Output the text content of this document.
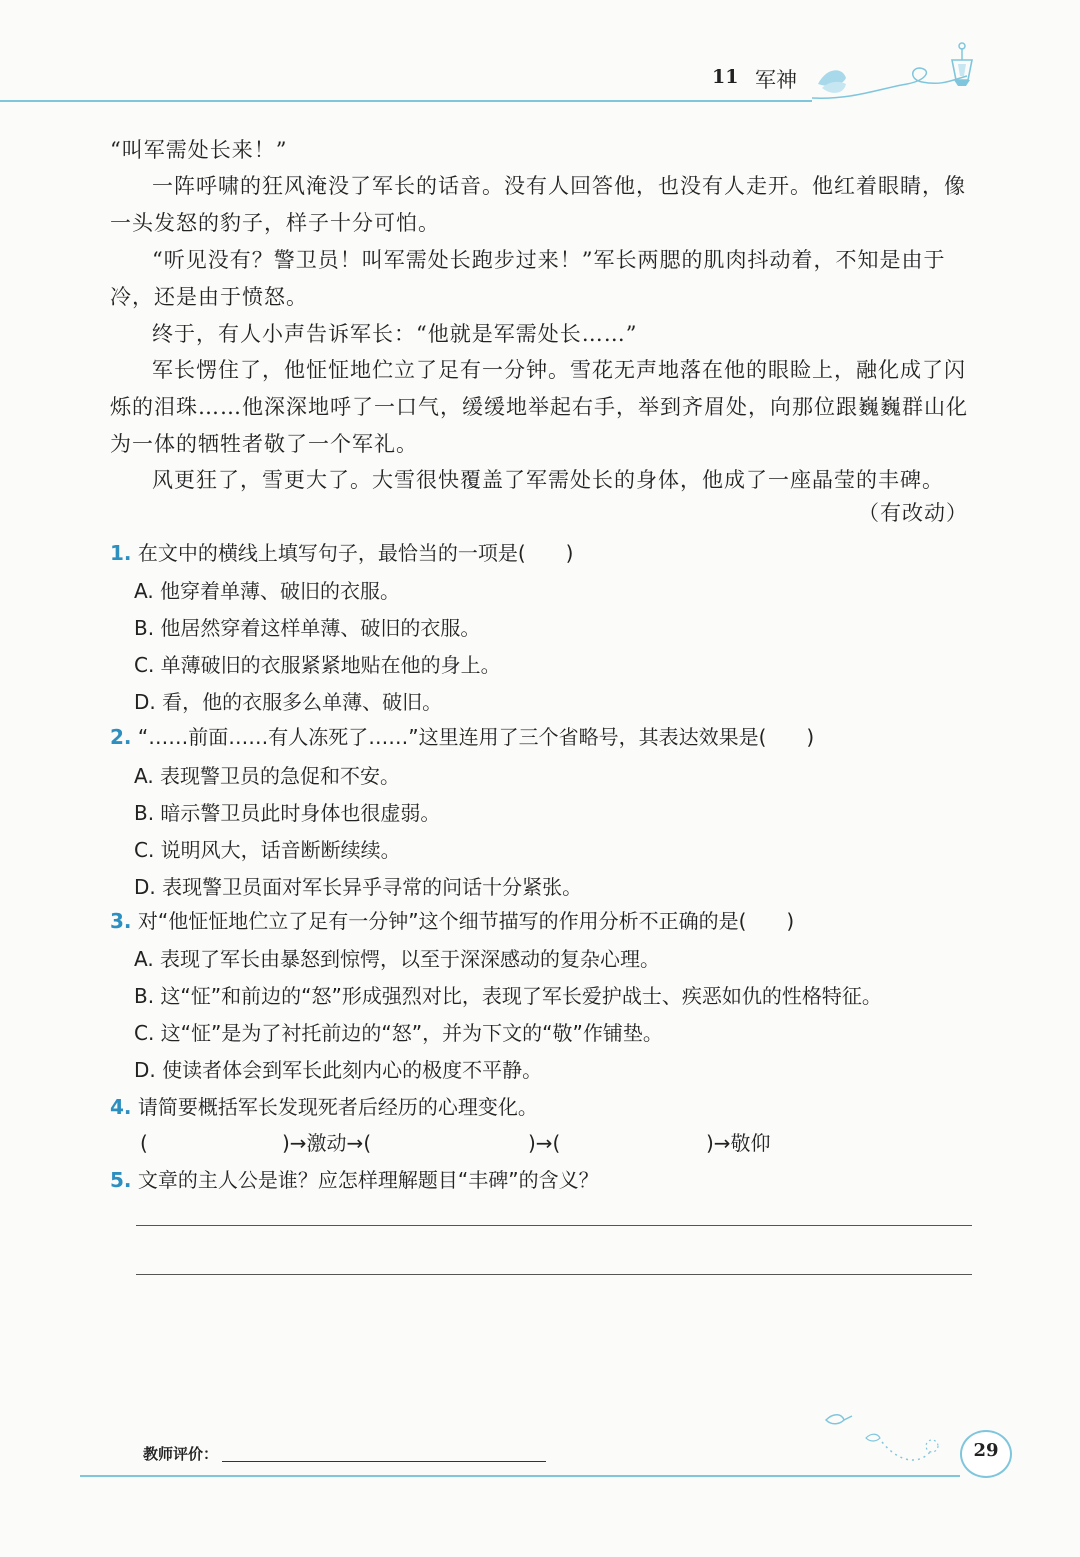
11 军神

“叫军需处长来！”

一阵呼啸的狂风淹没了军长的话音。没有人回答他，也没有人走开。他红着眼睛，像一头发怒的豹子，样子十分可怕。

“听见没有？警卫员！叫军需处长跑步过来！”军长两腮的肌肉抖动着，不知是由于冷，还是由于愤怒。

终于，有人小声告诉军长：“他就是军需处长……”

军长愣住了，他怔怔地伫立了足有一分钟。雪花无声地落在他的眼睑上，融化成了闪烁的泪珠……他深深地呼了一口气，缓缓地举起右手，举到齐眉处，向那位跟巍巍群山化为一体的牺牲者敬了一个军礼。

风更狂了，雪更大了。大雪很快覆盖了军需处长的身体，他成了一座晶莹的丰碑。

（有改动）
1. 在文中的横线上填写句子，最恰当的一项是(　　)
A. 他穿着单薄、破旧的衣服。
B. 他居然穿着这样单薄、破旧的衣服。
C. 单薄破旧的衣服紧紧地贴在他的身上。
D. 看，他的衣服多么单薄、破旧。
2. “……前面……有人冻死了……”这里连用了三个省略号，其表达效果是(　　)
A. 表现警卫员的急促和不安。
B. 暗示警卫员此时身体也很虚弱。
C. 说明风大，话音断断续续。
D. 表现警卫员面对军长异乎寻常的问话十分紧张。
3. 对“他怔怔地伫立了足有一分钟”这个细节描写的作用分析不正确的是(　　)
A. 表现了军长由暴怒到惊愕，以至于深深感动的复杂心理。
B. 这“怔”和前边的“怒”形成强烈对比，表现了军长爱护战士、疾恶如仇的性格特征。
C. 这“怔”是为了衬托前边的“怒”，并为下文的“敬”作铺垫。
D. 使读者体会到军长此刻内心的极度不平静。
4. 请简要概括军长发现死者后经历的心理变化。
(	)→激动→(	)→(	)→敬仰
5. 文章的主人公是谁？应怎样理解题目“丰碑”的含义？
教师评价：	29
